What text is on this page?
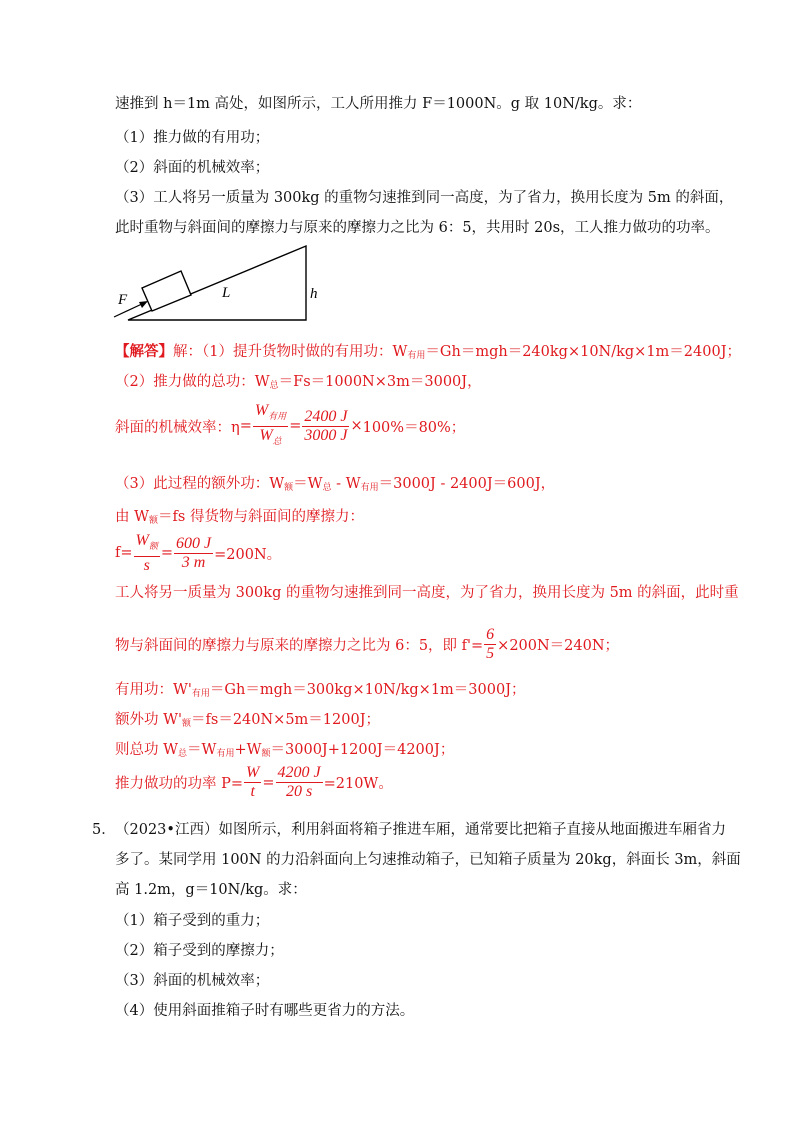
速推到 h＝1m 高处，如图所示，工人所用推力 F＝1000N。g 取 10N/kg。求：
（1）推力做的有用功；
（2）斜面的机械效率；
（3）工人将另一质量为 300kg 的重物匀速推到同一高度，为了省力，换用长度为 5m 的斜面，
此时重物与斜面间的摩擦力与原来的摩擦力之比为 6：5，共用时 20s，工人推力做功的功率。
F	L	h
【解答】解：（1）提升货物时做的有用功：W有用＝Gh＝mgh＝240kg×10N/kg×1m＝2400J；
（2）推力做的总功：W总＝Fs＝1000N×3m＝3000J，
斜面的机械效率：$\eta = \frac{W_{有用}}{W_总} = \frac{2400 J}{3000 J} \times 100\%=80\%$；
（3）此过程的额外功：W额＝W总 - W有用＝3000J - 2400J＝600J，
由 W额＝fs 得货物与斜面间的摩擦力：
$f= \frac{W_额}{s} = \frac{600 J}{3 m} =200N$。
工人将另一质量为 300kg 的重物匀速推到同一高度，为了省力，换用长度为 5m 的斜面，此时重
物与斜面间的摩擦力与原来的摩擦力之比为 6：5，即 $f'= \frac{6}{5} \times 200N=240N$；
有用功：W'有用＝Gh＝mgh＝300kg×10N/kg×1m＝3000J；
额外功 W'额＝fs＝240N×5m＝1200J；
则总功 W总＝W有用+W额＝3000J+1200J＝4200J；
推力做功的功率 $P= \frac{W}{t} = \frac{4200 J}{20 s} =210W$。
5． （2023•江西）如图所示，利用斜面将箱子推进车厢，通常要比把箱子直接从地面搬进车厢省力
多了。某同学用 100N 的力沿斜面向上匀速推动箱子，已知箱子质量为 20kg，斜面长 3m，斜面
高 1.2m，g＝10N/kg。求：
（1）箱子受到的重力；
（2）箱子受到的摩擦力；
（3）斜面的机械效率；
（4）使用斜面推箱子时有哪些更省力的方法。
